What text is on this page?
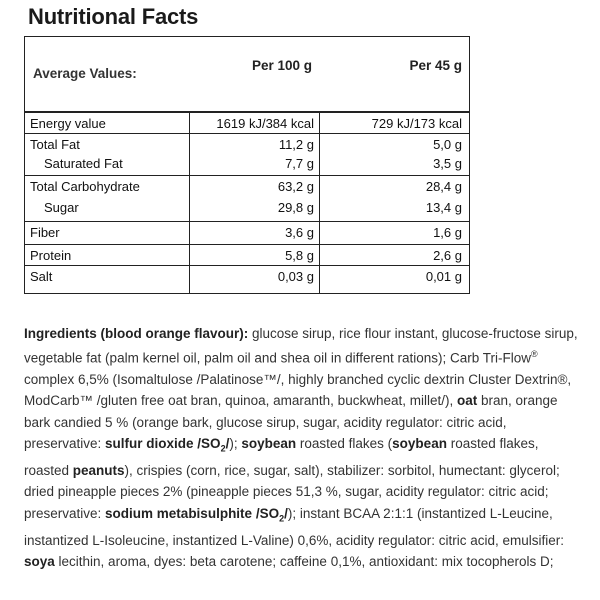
Nutritional Facts
Average Values:
Per 100 g	Per 45 g
Energy value	1619 kJ/384 kcal	729 kJ/173 kcal
Total Fat	11,2 g	5,0 g
Saturated Fat	7,7 g	3,5 g
Total Carbohydrate	63,2 g	28,4 g
Sugar	29,8 g	13,4 g
Fiber	3,6 g	1,6 g
Protein	5,8 g	2,6 g
Salt	0,03 g	0,01 g

Ingredients (blood orange flavour): glucose sirup, rice flour instant, glucose-fructose sirup, vegetable fat (palm kernel oil, palm oil and shea oil in different rations); Carb Tri-Flow® complex 6,5% (Isomaltulose /Palatinose™/, highly branched cyclic dextrin Cluster Dextrin®, ModCarb™ /gluten free oat bran, quinoa, amaranth, buckwheat, millet/), oat bran, orange bark candied 5 % (orange bark, glucose sirup, sugar, acidity regulator: citric acid, preservative: sulfur dioxide $/SO_2/$); soybean roasted flakes (soybean roasted flakes, roasted peanuts), crispies (corn, rice, sugar, salt), stabilizer: sorbitol, humectant: glycerol; dried pineapple pieces 2% (pineapple pieces 51,3 %, sugar, acidity regulator: citric acid; preservative: sodium metabisulphite $/SO_2/$); instant BCAA 2:1:1 (instantized L-Leucine, instantized L-Isoleucine, instantized L-Valine) 0,6%, acidity regulator: citric acid, emulsifier: soya lecithin, aroma, dyes: beta carotene; caffeine 0,1%, antioxidant: mix tocopherols D;
